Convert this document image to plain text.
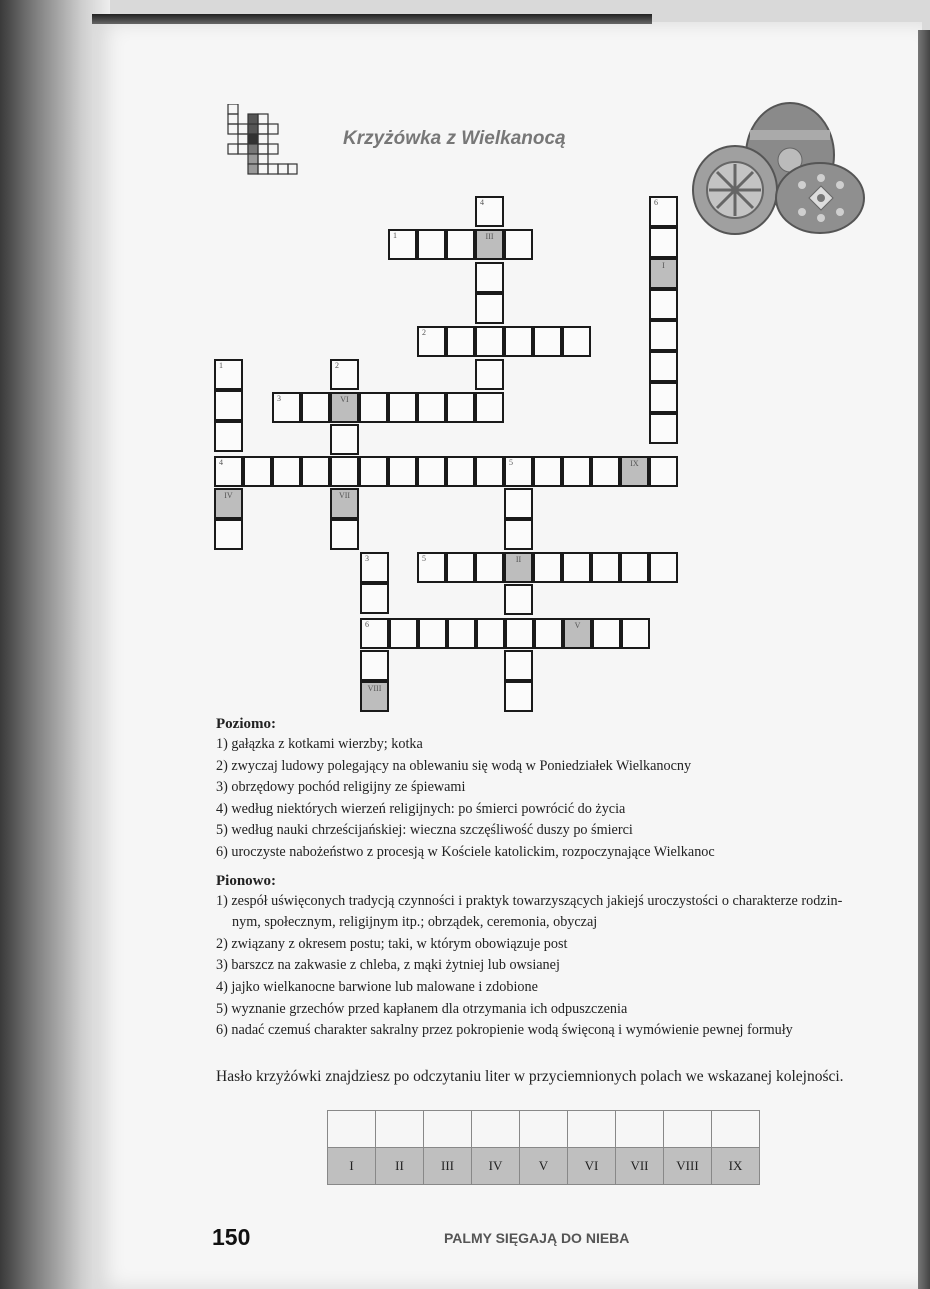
Krzyżówka z Wielkanocą
1	III
2
3	VI
4	5	IX
5	II
6	V
4	6
I
1
IV
2
VII
3
VIII
Poziomo:
1) gałązka z kotkami wierzby; kotka
2) zwyczaj ludowy polegający na oblewaniu się wodą w Poniedziałek Wielkanocny
3) obrzędowy pochód religijny ze śpiewami
4) według niektórych wierzeń religijnych: po śmierci powrócić do życia
5) według nauki chrześcijańskiej: wieczna szczęśliwość duszy po śmierci
6) uroczyste nabożeństwo z procesją w Kościele katolickim, rozpoczynające Wielkanoc
Pionowo:
1) zespół uświęconych tradycją czynności i praktyk towarzyszących jakiejś uroczystości o charakterze rodzin-
nym, społecznym, religijnym itp.; obrządek, ceremonia, obyczaj
2) związany z okresem postu; taki, w którym obowiązuje post
3) barszcz na zakwasie z chleba, z mąki żytniej lub owsianej
4) jajko wielkanocne barwione lub malowane i zdobione
5) wyznanie grzechów przed kapłanem dla otrzymania ich odpuszczenia
6) nadać czemuś charakter sakralny przez pokropienie wodą święconą i wymówienie pewnej formuły
Hasło krzyżówki znajdziesz po odczytaniu liter w przyciemnionych polach we wskazanej kolejności.

I	II	III	IV	V	VI	VII	VIII	IX
150	PALMY SIĘGAJĄ DO NIEBA
